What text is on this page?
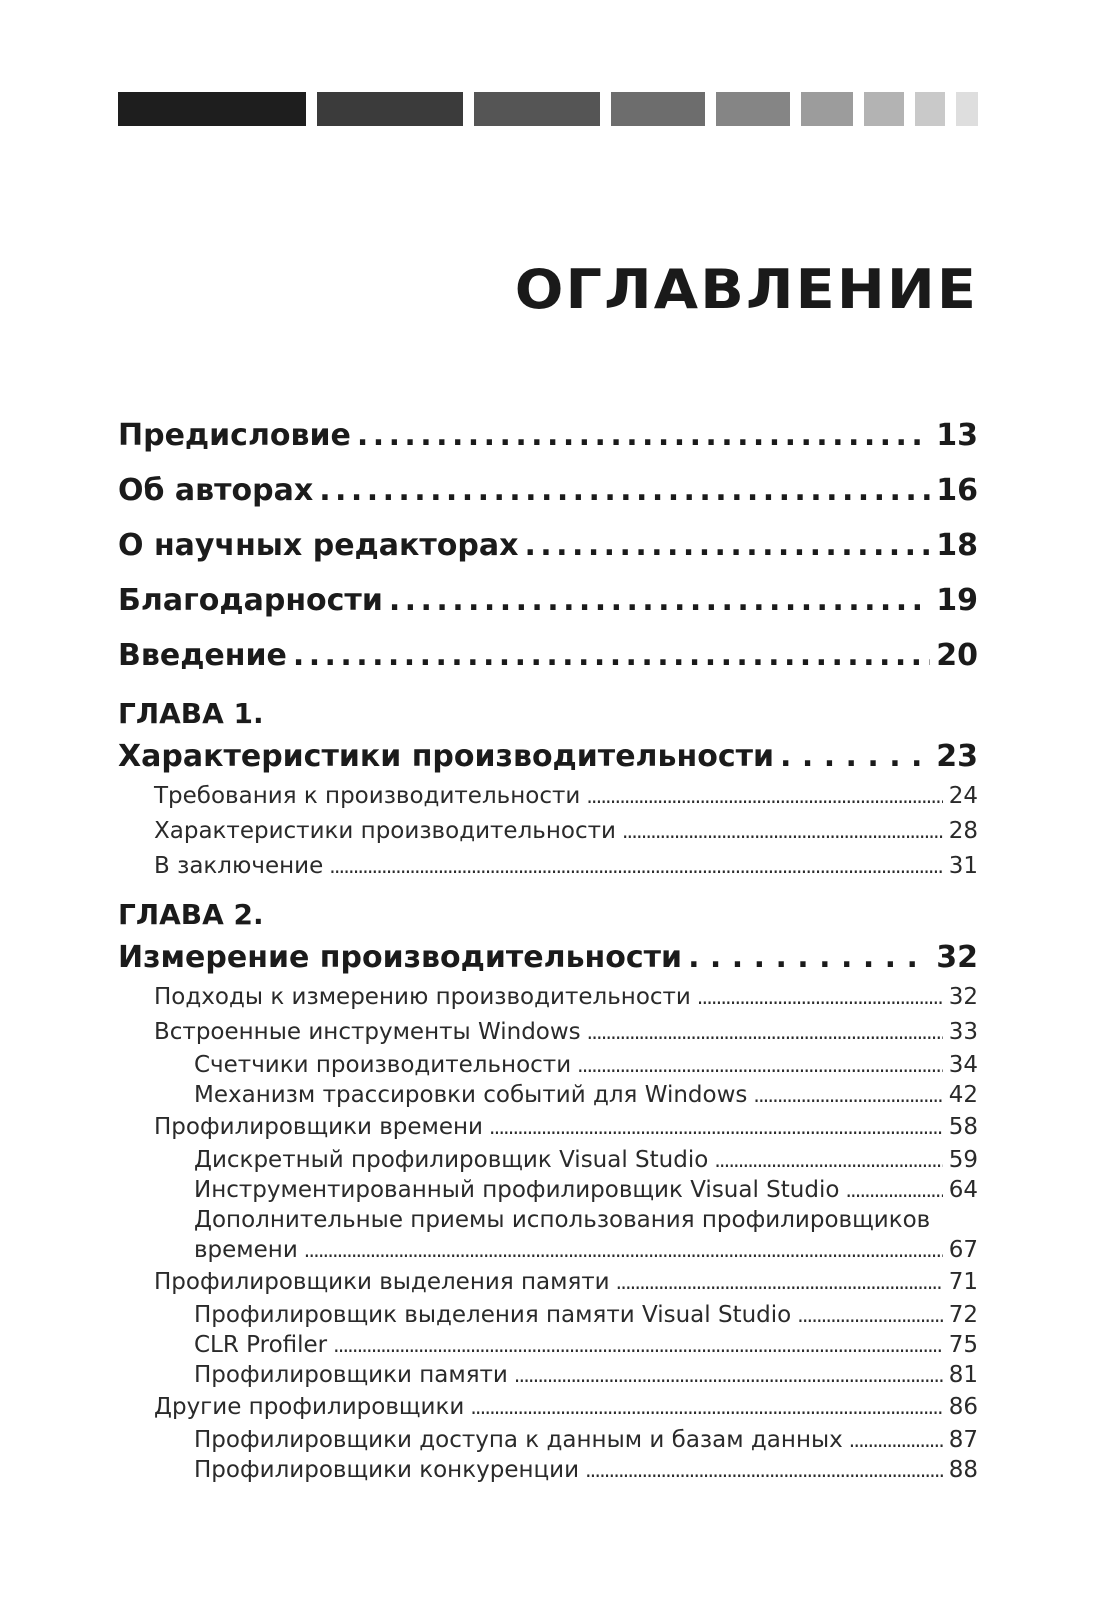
ОГЛАВЛЕНИЕ
Предисловие . . .	13
Об авторах . . .	16
О научных редакторах . . .	18
Благодарности . . .	19
Введение . . .	20
ГЛАВА 1.
Характеристики производительности . . .	23
Требования к производительности . . .	24
Характеристики производительности . . .	28
В заключение . . .	31
ГЛАВА 2.
Измерение производительности . . .	32
Подходы к измерению производительности . . .	32
Встроенные инструменты Windows . . .	33
Счетчики производительности . . .	34
Механизм трассировки событий для Windows . . .	42
Профилировщики времени . . .	58
Дискретный профилировщик Visual Studio . . .	59
Инструментированный профилировщик Visual Studio . . .	64
Дополнительные приемы использования профилировщиков
времени . . .	67
Профилировщики выделения памяти . . .	71
Профилировщик выделения памяти Visual Studio . . .	72
CLR Profiler . . .	75
Профилировщики памяти . . .	81
Другие профилировщики . . .	86
Профилировщики доступа к данным и базам данных . . .	87
Профилировщики конкуренции . . .	88
